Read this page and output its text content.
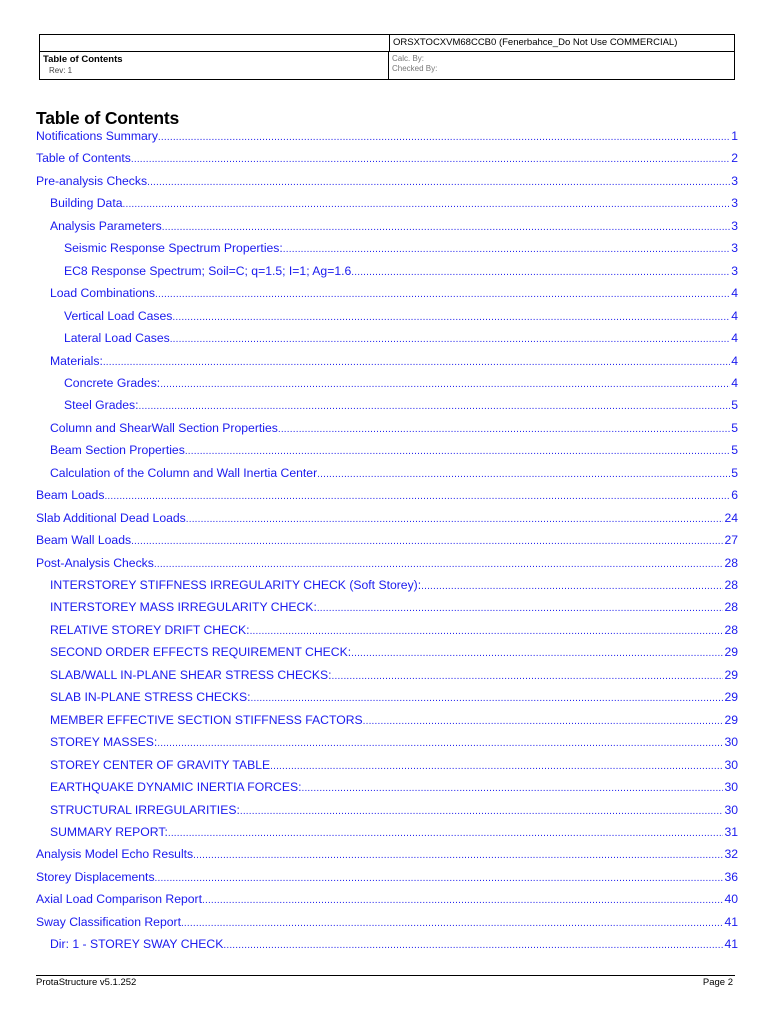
ORSXTOCXVM68CCB0 (Fenerbahce_Do Not Use COMMERCIAL)
Table of Contents
Rev: 1
Calc. By:
Checked By:
Table of Contents
Notifications Summary .....	1
Table of Contents .....	2
Pre-analysis Checks .....	3
Building Data .....	3
Analysis Parameters .....	3
Seismic Response Spectrum Properties: .....	3
EC8 Response Spectrum; Soil=C; q=1.5; I=1; Ag=1.6 .....	3
Load Combinations .....	4
Vertical Load Cases .....	4
Lateral Load Cases .....	4
Materials: .....	4
Concrete Grades: .....	4
Steel Grades: .....	5
Column and ShearWall Section Properties .....	5
Beam Section Properties .....	5
Calculation of the Column and Wall Inertia Center .....	5
Beam Loads .....	6
Slab Additional Dead Loads .....	24
Beam Wall Loads .....	27
Post-Analysis Checks .....	28
INTERSTOREY STIFFNESS IRREGULARITY CHECK (Soft Storey): .....	28
INTERSTOREY MASS IRREGULARITY CHECK: .....	28
RELATIVE STOREY DRIFT CHECK: .....	28
SECOND ORDER EFFECTS REQUIREMENT CHECK: .....	29
SLAB/WALL IN-PLANE SHEAR STRESS CHECKS: .....	29
SLAB IN-PLANE STRESS CHECKS: .....	29
MEMBER EFFECTIVE SECTION STIFFNESS FACTORS .....	29
STOREY MASSES: .....	30
STOREY CENTER OF GRAVITY TABLE .....	30
EARTHQUAKE DYNAMIC INERTIA FORCES: .....	30
STRUCTURAL IRREGULARITIES: .....	30
SUMMARY REPORT: .....	31
Analysis Model Echo Results .....	32
Storey Displacements .....	36
Axial Load Comparison Report .....	40
Sway Classification Report .....	41
Dir: 1 - STOREY SWAY CHECK .....	41
ProtaStructure v5.1.252	Page 2
